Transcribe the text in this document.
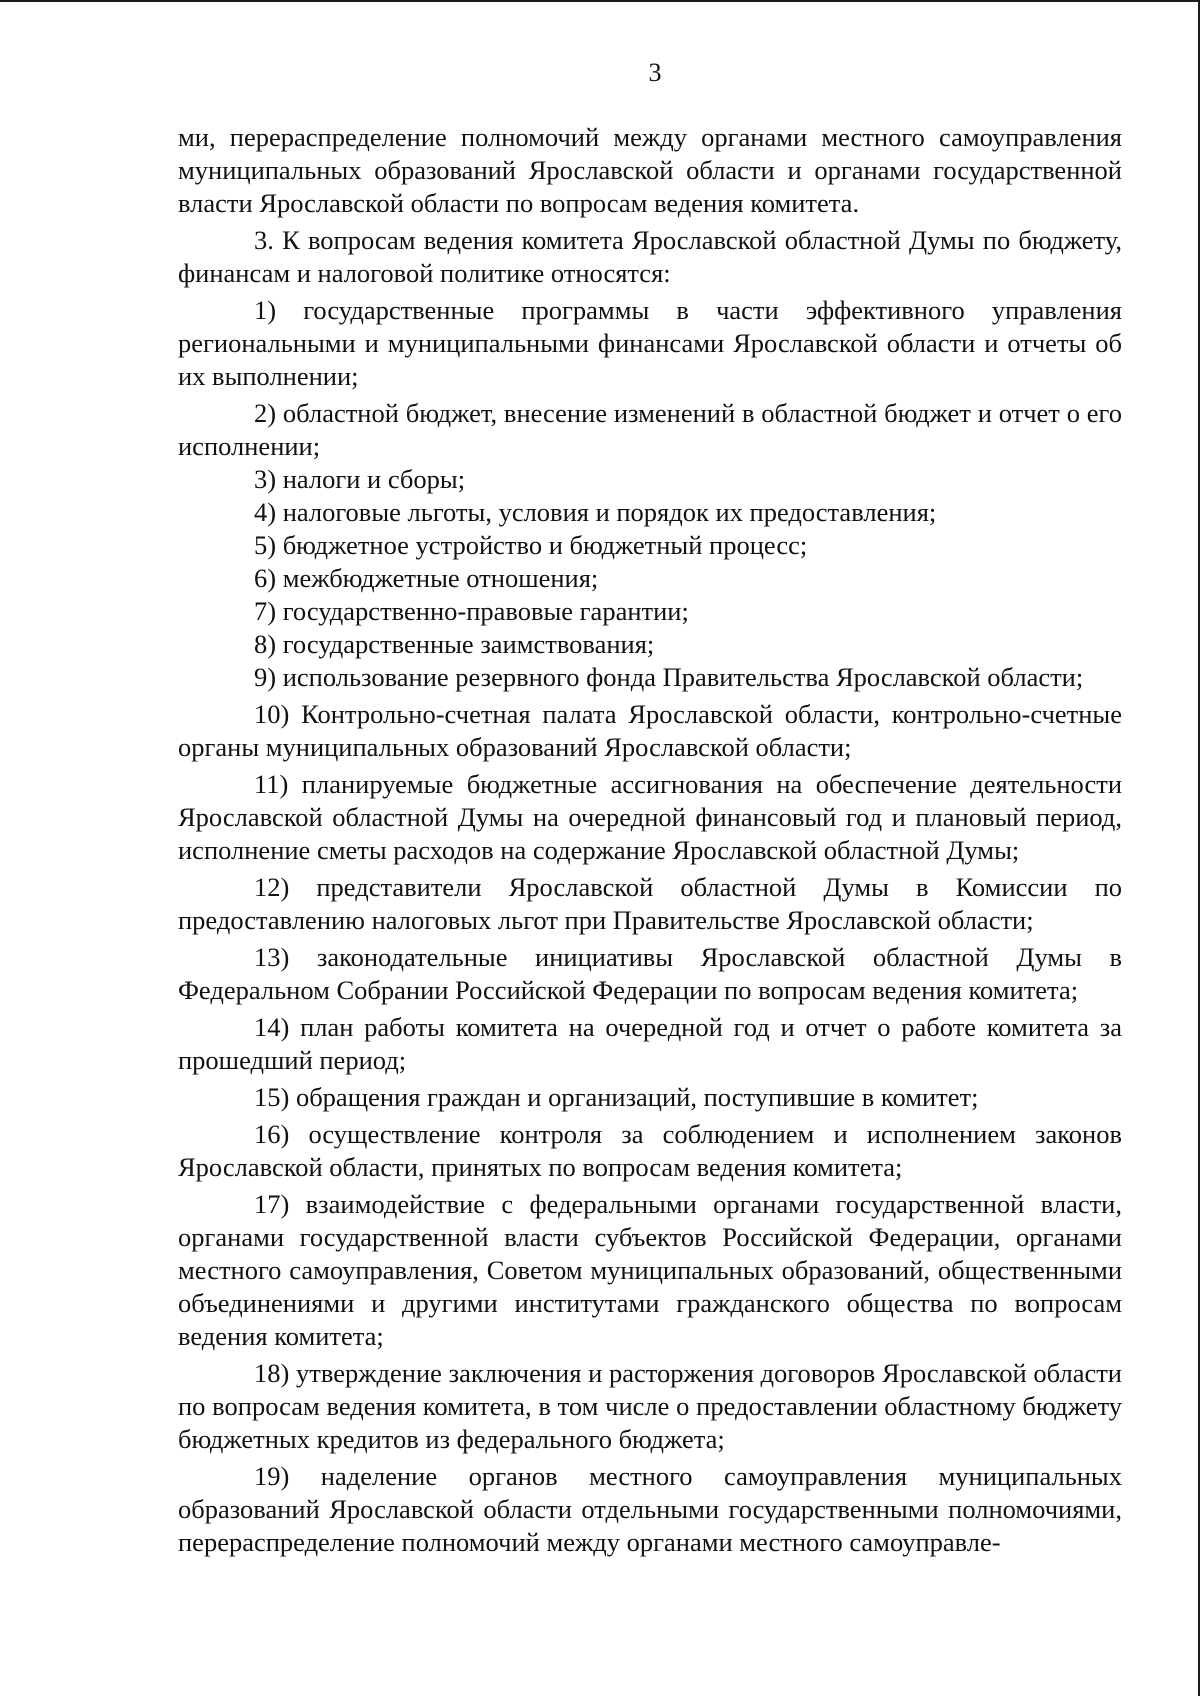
3

ми, перераспределение полномочий между органами местного самоуправления муниципальных образований Ярославской области и органами государственной власти Ярославской области по вопросам ведения комитета.

3. К вопросам ведения комитета Ярославской областной Думы по бюджету, финансам и налоговой политике относятся:

1) государственные программы в части эффективного управления региональными и муниципальными финансами Ярославской области и отчеты об их выполнении;

2) областной бюджет, внесение изменений в областной бюджет и отчет о его исполнении;

3) налоги и сборы;

4) налоговые льготы, условия и порядок их предоставления;

5) бюджетное устройство и бюджетный процесс;

6) межбюджетные отношения;

7) государственно-правовые гарантии;

8) государственные заимствования;

9) использование резервного фонда Правительства Ярославской области;

10) Контрольно-счетная палата Ярославской области, контрольно-счетные органы муниципальных образований Ярославской области;

11) планируемые бюджетные ассигнования на обеспечение деятельности Ярославской областной Думы на очередной финансовый год и плановый период, исполнение сметы расходов на содержание Ярославской областной Думы;

12) представители Ярославской областной Думы в Комиссии по предоставлению налоговых льгот при Правительстве Ярославской области;

13) законодательные инициативы Ярославской областной Думы в Федеральном Собрании Российской Федерации по вопросам ведения комитета;

14) план работы комитета на очередной год и отчет о работе комитета за прошедший период;

15) обращения граждан и организаций, поступившие в комитет;

16) осуществление контроля за соблюдением и исполнением законов Ярославской области, принятых по вопросам ведения комитета;

17) взаимодействие с федеральными органами государственной власти, органами государственной власти субъектов Российской Федерации, органами местного самоуправления, Советом муниципальных образований, общественными объединениями и другими институтами гражданского общества по вопросам ведения комитета;

18) утверждение заключения и расторжения договоров Ярославской области по вопросам ведения комитета, в том числе о предоставлении областному бюджету бюджетных кредитов из федерального бюджета;

19) наделение органов местного самоуправления муниципальных образований Ярославской области отдельными государственными полномочиями, перераспределение полномочий между органами местного самоуправле-
